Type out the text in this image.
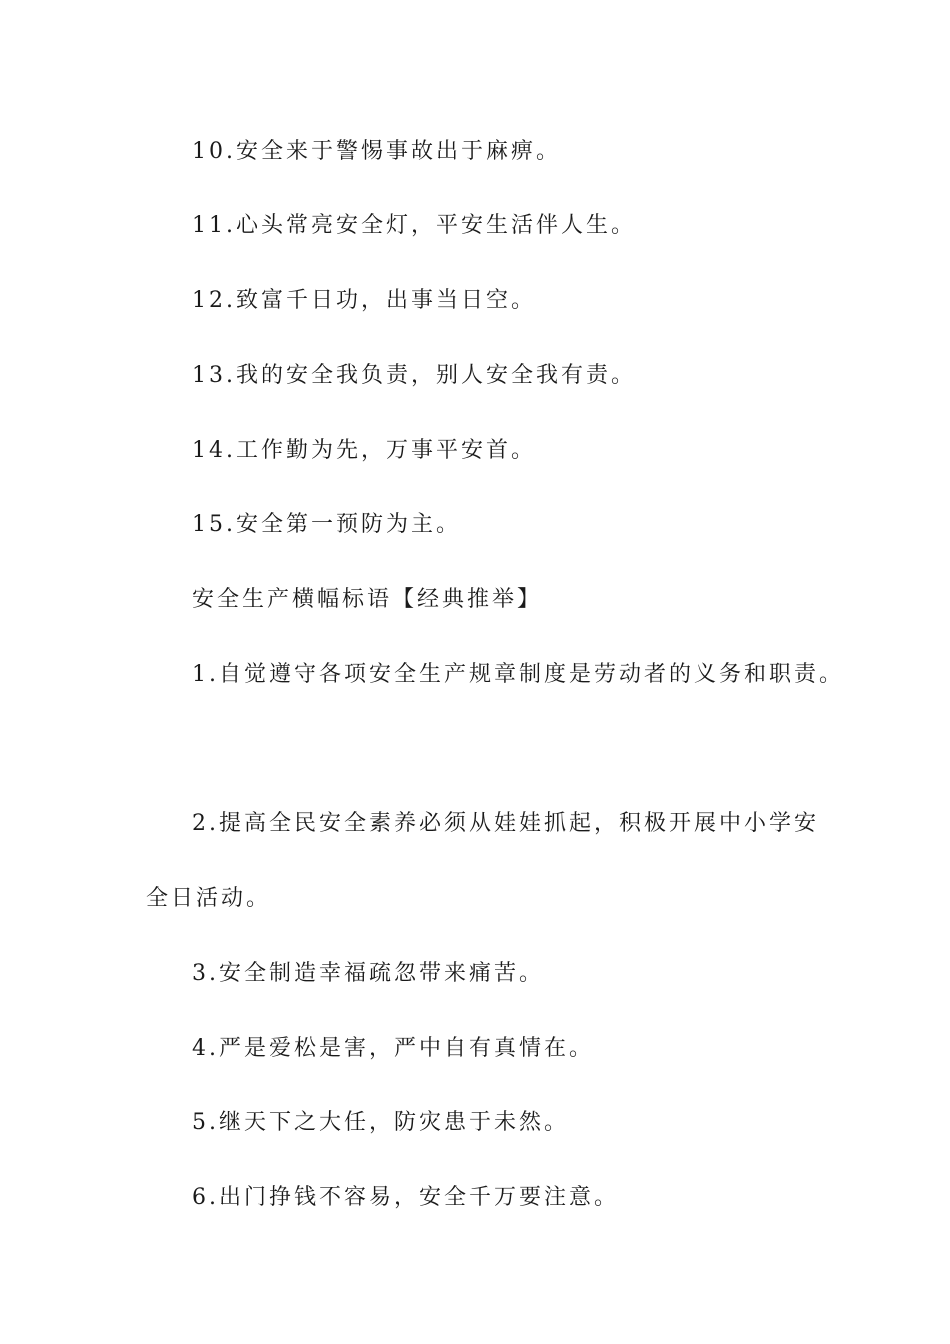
10.安全来于警惕事故出于麻痹。
11.心头常亮安全灯，平安生活伴人生。
12.致富千日功，出事当日空。
13.我的安全我负责，别人安全我有责。
14.工作勤为先，万事平安首。
15.安全第一预防为主。
安全生产横幅标语【经典推举】
1.自觉遵守各项安全生产规章制度是劳动者的义务和职责。
2.提高全民安全素养必须从娃娃抓起，积极开展中小学安
全日活动。
3.安全制造幸福疏忽带来痛苦。
4.严是爱松是害，严中自有真情在。
5.继天下之大任，防灾患于未然。
6.出门挣钱不容易，安全千万要注意。
